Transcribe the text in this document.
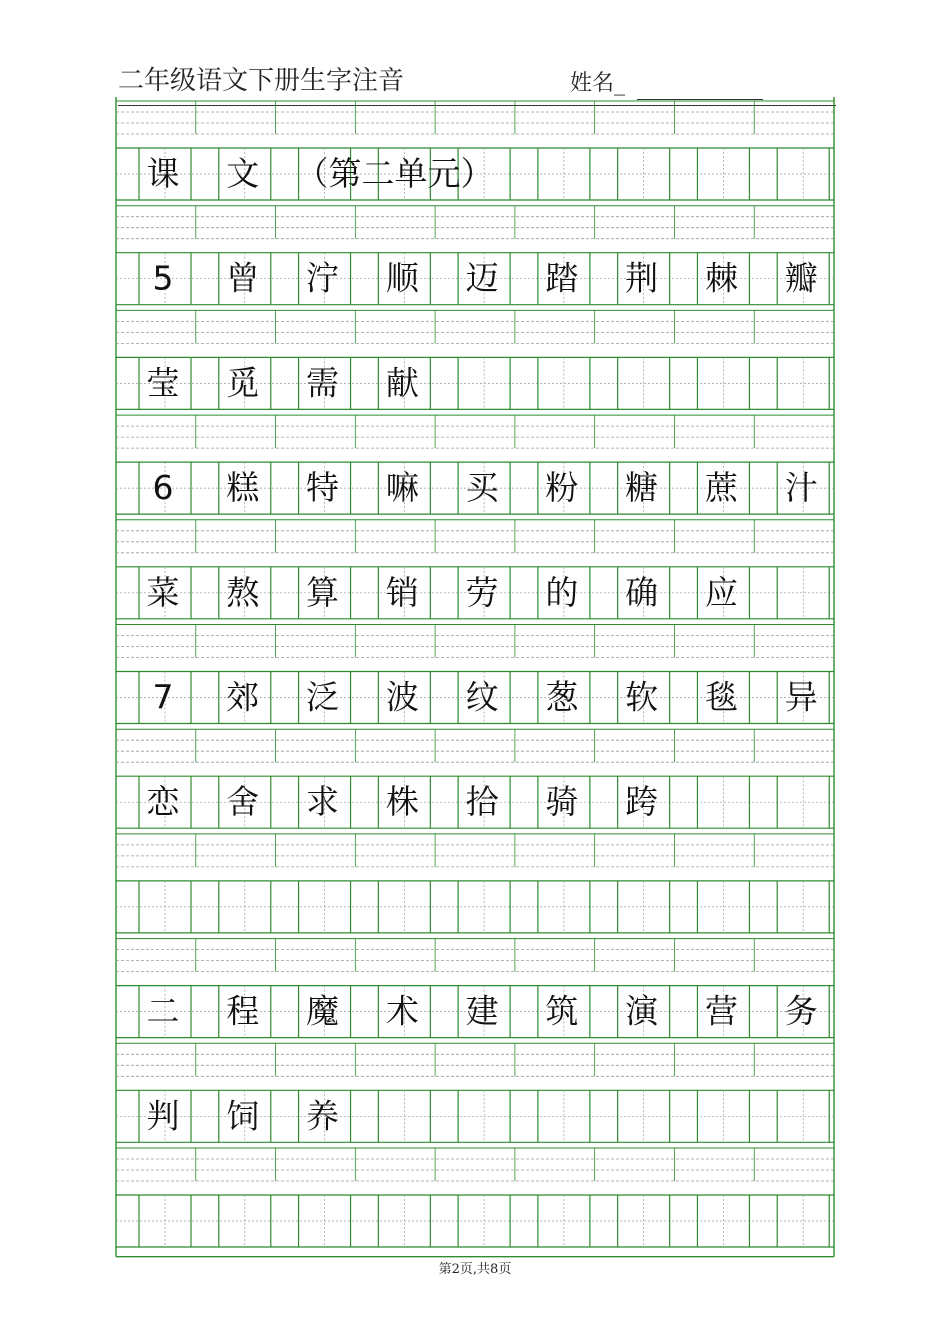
二年级语文下册生字注音	姓名_
课 文 （第二单元）
5 曾 泞 顺 迈 踏 荆 棘 瓣
莹 觅 需 献
6 糕 特 嘛 买 粉 糖 蔗 汁
菜 熬 算 销 劳 的 确 应
7 郊 泛 波 纹 葱 软 毯 异
恋 舍 求 株 拾 骑 跨
二 程 魔 术 建 筑 演 营 务
判 饲 养
第2页,共8页
